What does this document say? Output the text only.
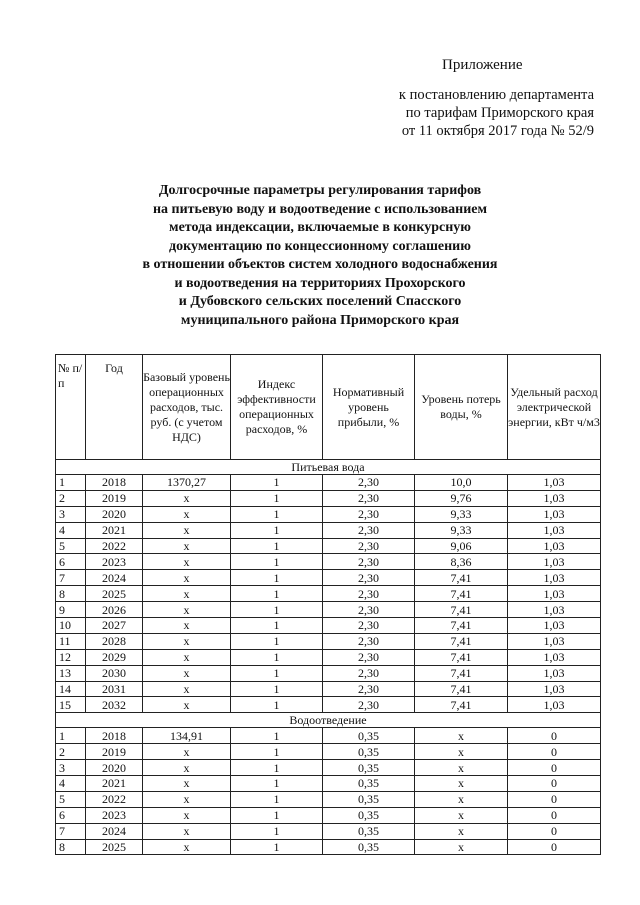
Приложение
к постановлению департамента
по тарифам Приморского края
от 11 октября 2017 года № 52/9
Долгосрочные параметры регулирования тарифов
на питьевую воду и водоотведение с использованием
метода индексации, включаемые в конкурсную
документацию по концессионному соглашению
в отношении объектов систем холодного водоснабжения
и водоотведения на территориях Прохорского
и Дубовского сельских поселений Спасского
муниципального района Приморского края
№ п/п	Год	Базовый уровень операционных расходов, тыс. руб. (с учетом НДС)	Индекс эффективности операционных расходов, %	Нормативный уровень прибыли, %	Уровень потерь воды, %	Удельный расход электрической энергии, кВт ч/м3
Питьевая вода						
1	2018	1370,27	1	2,30	10,0	1,03
2	2019	х	1	2,30	9,76	1,03
3	2020	х	1	2,30	9,33	1,03
4	2021	х	1	2,30	9,33	1,03
5	2022	х	1	2,30	9,06	1,03
6	2023	х	1	2,30	8,36	1,03
7	2024	х	1	2,30	7,41	1,03
8	2025	х	1	2,30	7,41	1,03
9	2026	х	1	2,30	7,41	1,03
10	2027	х	1	2,30	7,41	1,03
11	2028	х	1	2,30	7,41	1,03
12	2029	х	1	2,30	7,41	1,03
13	2030	х	1	2,30	7,41	1,03
14	2031	х	1	2,30	7,41	1,03
15	2032	х	1	2,30	7,41	1,03
Водоотведение						
1	2018	134,91	1	0,35	х	0
2	2019	х	1	0,35	х	0
3	2020	х	1	0,35	х	0
4	2021	х	1	0,35	х	0
5	2022	х	1	0,35	х	0
6	2023	х	1	0,35	х	0
7	2024	х	1	0,35	х	0
8	2025	х	1	0,35	х	0
